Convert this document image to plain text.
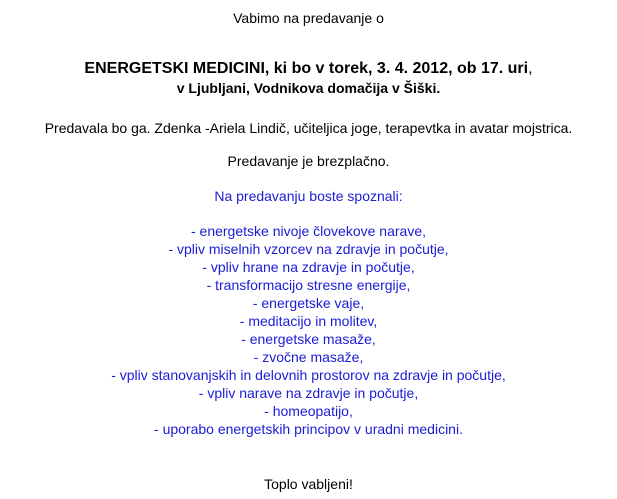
Vabimo na predavanje o
ENERGETSKI MEDICINI, ki bo v torek, 3. 4. 2012, ob 17. uri,
v Ljubljani, Vodnikova domačija v Šiški.
Predavala bo ga. Zdenka -Ariela Lindič, učiteljica joge, terapevtka in avatar mojstrica.
Predavanje je brezplačno.
Na predavanju boste spoznali:
- energetske nivoje človekove narave,
- vpliv miselnih vzorcev na zdravje in počutje,
- vpliv hrane na zdravje in počutje,
- transformacijo stresne energije,
- energetske vaje,
- meditacijo in molitev,
- energetske masaže,
- zvočne masaže,
- vpliv stanovanjskih in delovnih prostorov na zdravje in počutje,
- vpliv narave na zdravje in počutje,
- homeopatijo,
- uporabo energetskih principov v uradni medicini.
Toplo vabljeni!
